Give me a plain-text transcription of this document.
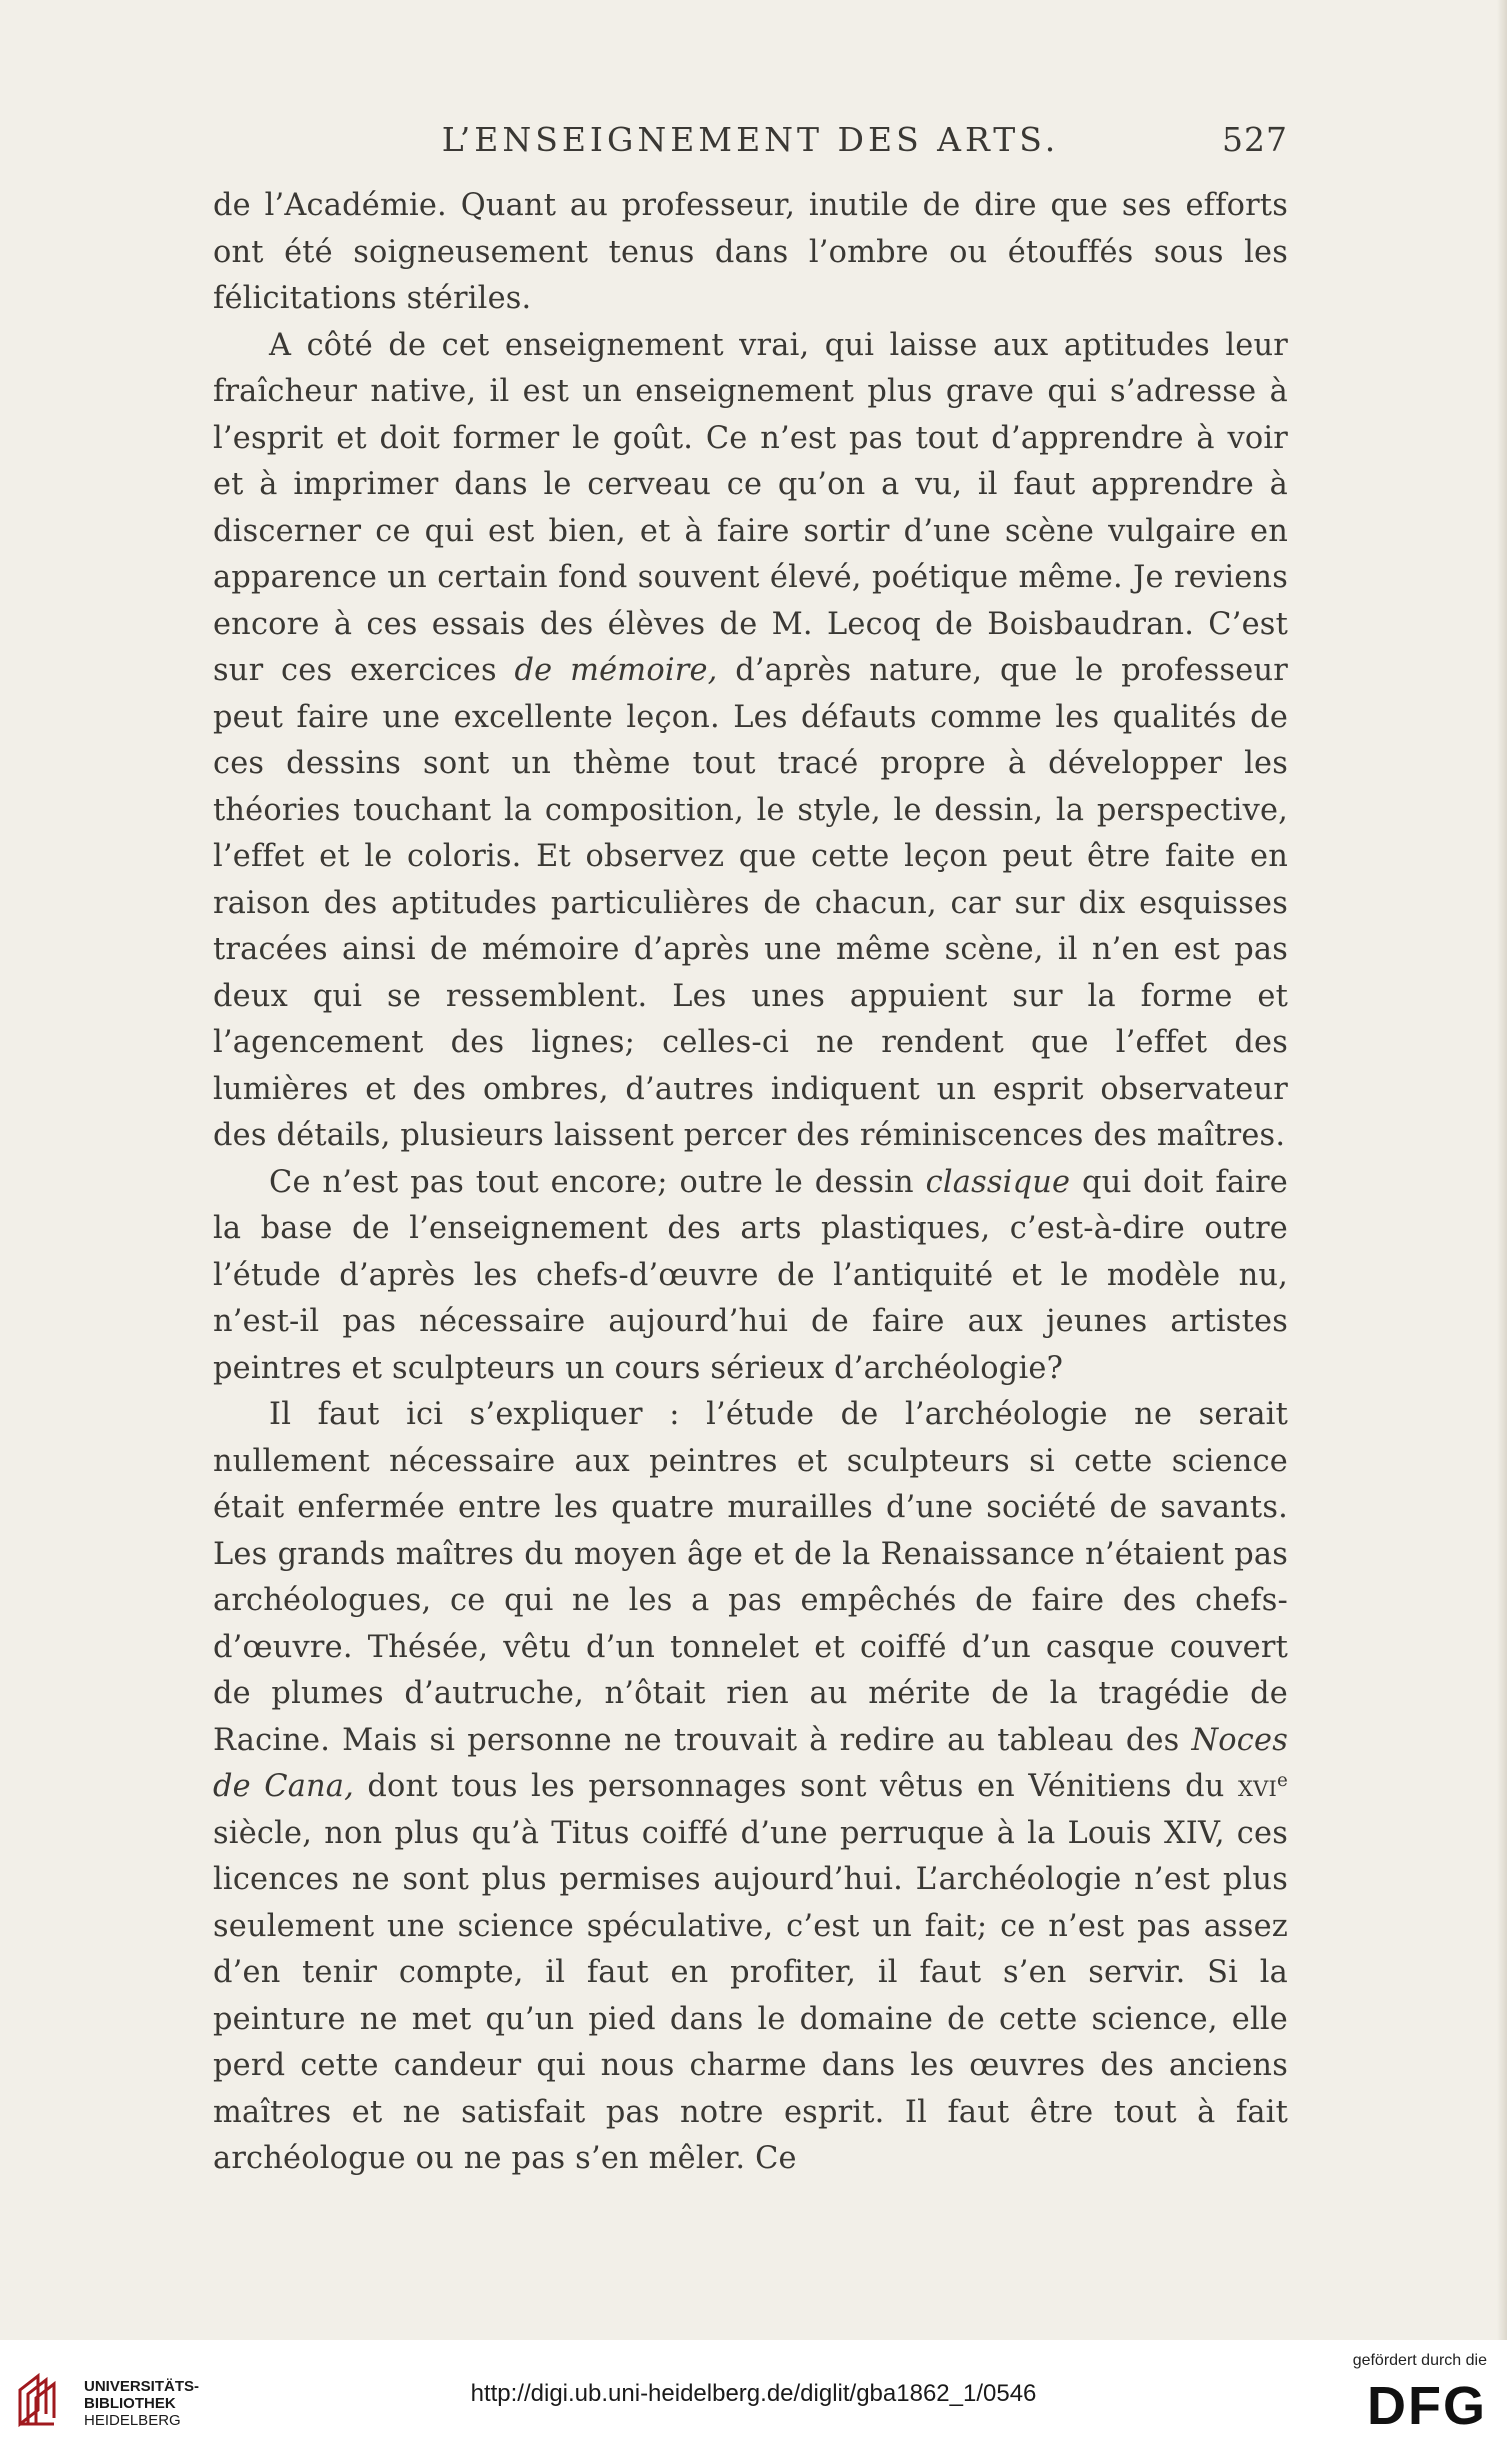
L’ENSEIGNEMENT DES ARTS.	527

de l’Académie. Quant au professeur, inutile de dire que ses efforts ont été soigneusement tenus dans l’ombre ou étouffés sous les félicitations stériles.

A côté de cet enseignement vrai, qui laisse aux aptitudes leur fraîcheur native, il est un enseignement plus grave qui s’adresse à l’esprit et doit former le goût. Ce n’est pas tout d’apprendre à voir et à imprimer dans le cerveau ce qu’on a vu, il faut apprendre à discerner ce qui est bien, et à faire sortir d’une scène vulgaire en apparence un certain fond souvent élevé, poétique même. Je reviens encore à ces essais des élèves de M. Lecoq de Boisbaudran. C’est sur ces exercices de mémoire, d’après nature, que le professeur peut faire une excellente leçon. Les défauts comme les qualités de ces dessins sont un thème tout tracé propre à développer les théories touchant la composition, le style, le dessin, la perspective, l’effet et le coloris. Et observez que cette leçon peut être faite en raison des aptitudes particulières de chacun, car sur dix esquisses tracées ainsi de mémoire d’après une même scène, il n’en est pas deux qui se ressemblent. Les unes appuient sur la forme et l’agencement des lignes; celles-ci ne rendent que l’effet des lumières et des ombres, d’autres indiquent un esprit observateur des détails, plusieurs laissent percer des réminiscences des maîtres.

Ce n’est pas tout encore; outre le dessin classique qui doit faire la base de l’enseignement des arts plastiques, c’est-à-dire outre l’étude d’après les chefs-d’œuvre de l’antiquité et le modèle nu, n’est-il pas nécessaire aujourd’hui de faire aux jeunes artistes peintres et sculpteurs un cours sérieux d’archéologie?

Il faut ici s’expliquer : l’étude de l’archéologie ne serait nullement nécessaire aux peintres et sculpteurs si cette science était enfermée entre les quatre murailles d’une société de savants. Les grands maîtres du moyen âge et de la Renaissance n’étaient pas archéologues, ce qui ne les a pas empêchés de faire des chefs-d’œuvre. Thésée, vêtu d’un tonnelet et coiffé d’un casque couvert de plumes d’autruche, n’ôtait rien au mérite de la tragédie de Racine. Mais si personne ne trouvait à redire au tableau des Noces de Cana, dont tous les personnages sont vêtus en Vénitiens du xvi$^e$ siècle, non plus qu’à Titus coiffé d’une perruque à la Louis XIV, ces licences ne sont plus permises aujourd’hui. L’archéologie n’est plus seulement une science spéculative, c’est un fait; ce n’est pas assez d’en tenir compte, il faut en profiter, il faut s’en servir. Si la peinture ne met qu’un pied dans le domaine de cette science, elle perd cette candeur qui nous charme dans les œuvres des anciens maîtres et ne satisfait pas notre esprit. Il faut être tout à fait archéologue ou ne pas s’en mêler. Ce

UNIVERSITÄTS-
BIBLIOTHEK
HEIDELBERG
http://digi.ub.uni-heidelberg.de/diglit/gba1862_1/0546
gefördert durch die
DFG
